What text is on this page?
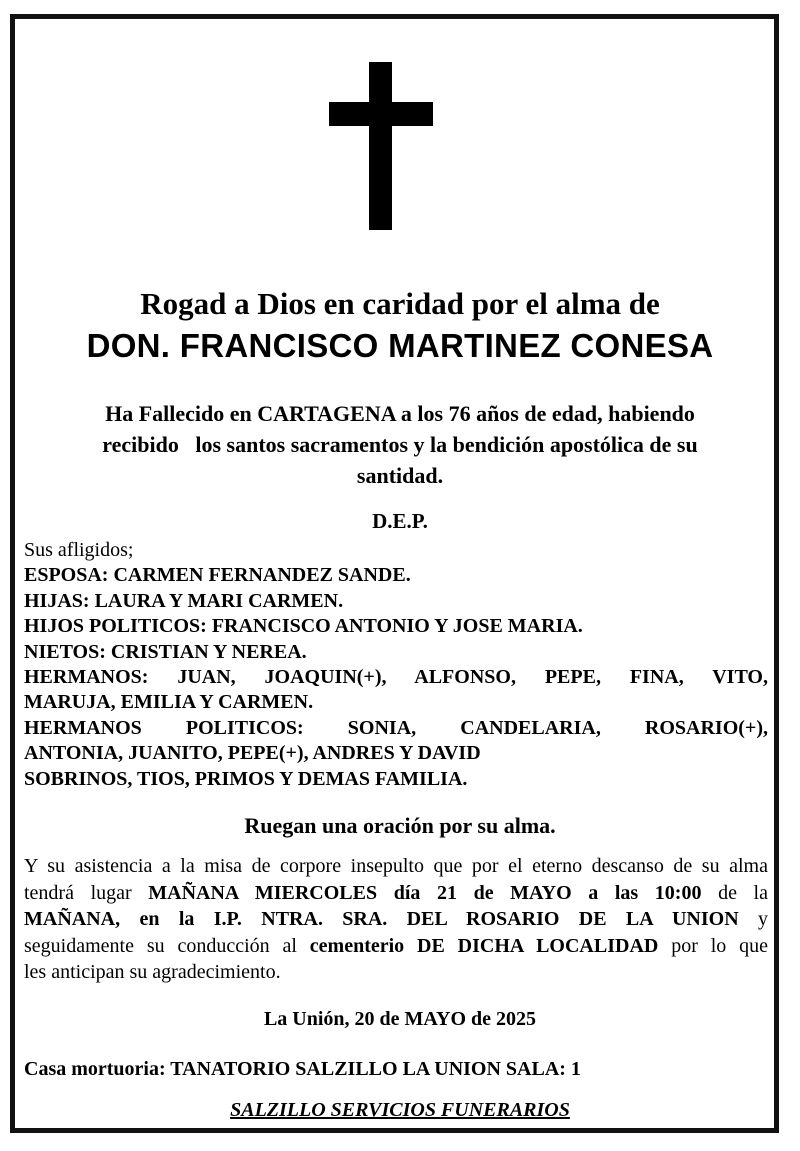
Rogad a Dios en caridad por el alma de
DON. FRANCISCO MARTINEZ CONESA
Ha Fallecido en CARTAGENA a los 76 años de edad, habiendo
recibido   los santos sacramentos y la bendición apostólica de su
santidad.
D.E.P.
Sus afligidos;
ESPOSA: CARMEN FERNANDEZ SANDE.
HIJAS: LAURA Y MARI CARMEN.
HIJOS POLITICOS: FRANCISCO ANTONIO Y JOSE MARIA.
NIETOS: CRISTIAN Y NEREA.
HERMANOS: JUAN, JOAQUIN(+), ALFONSO, PEPE, FINA, VITO,
MARUJA, EMILIA Y CARMEN.
HERMANOS POLITICOS: SONIA, CANDELARIA, ROSARIO(+),
ANTONIA, JUANITO, PEPE(+), ANDRES Y DAVID
SOBRINOS, TIOS, PRIMOS Y DEMAS FAMILIA.
Ruegan una oración por su alma.
Y su asistencia a la misa de corpore insepulto que por el eterno descanso de su alma
tendrá lugar MAÑANA MIERCOLES día 21 de MAYO a las 10:00 de la
MAÑANA, en la I.P. NTRA. SRA. DEL ROSARIO DE LA UNION y
seguidamente su conducción al cementerio DE DICHA LOCALIDAD por lo que
les anticipan su agradecimiento.
La Unión, 20 de MAYO de 2025
Casa mortuoria: TANATORIO SALZILLO LA UNION SALA: 1
SALZILLO SERVICIOS FUNERARIOS
